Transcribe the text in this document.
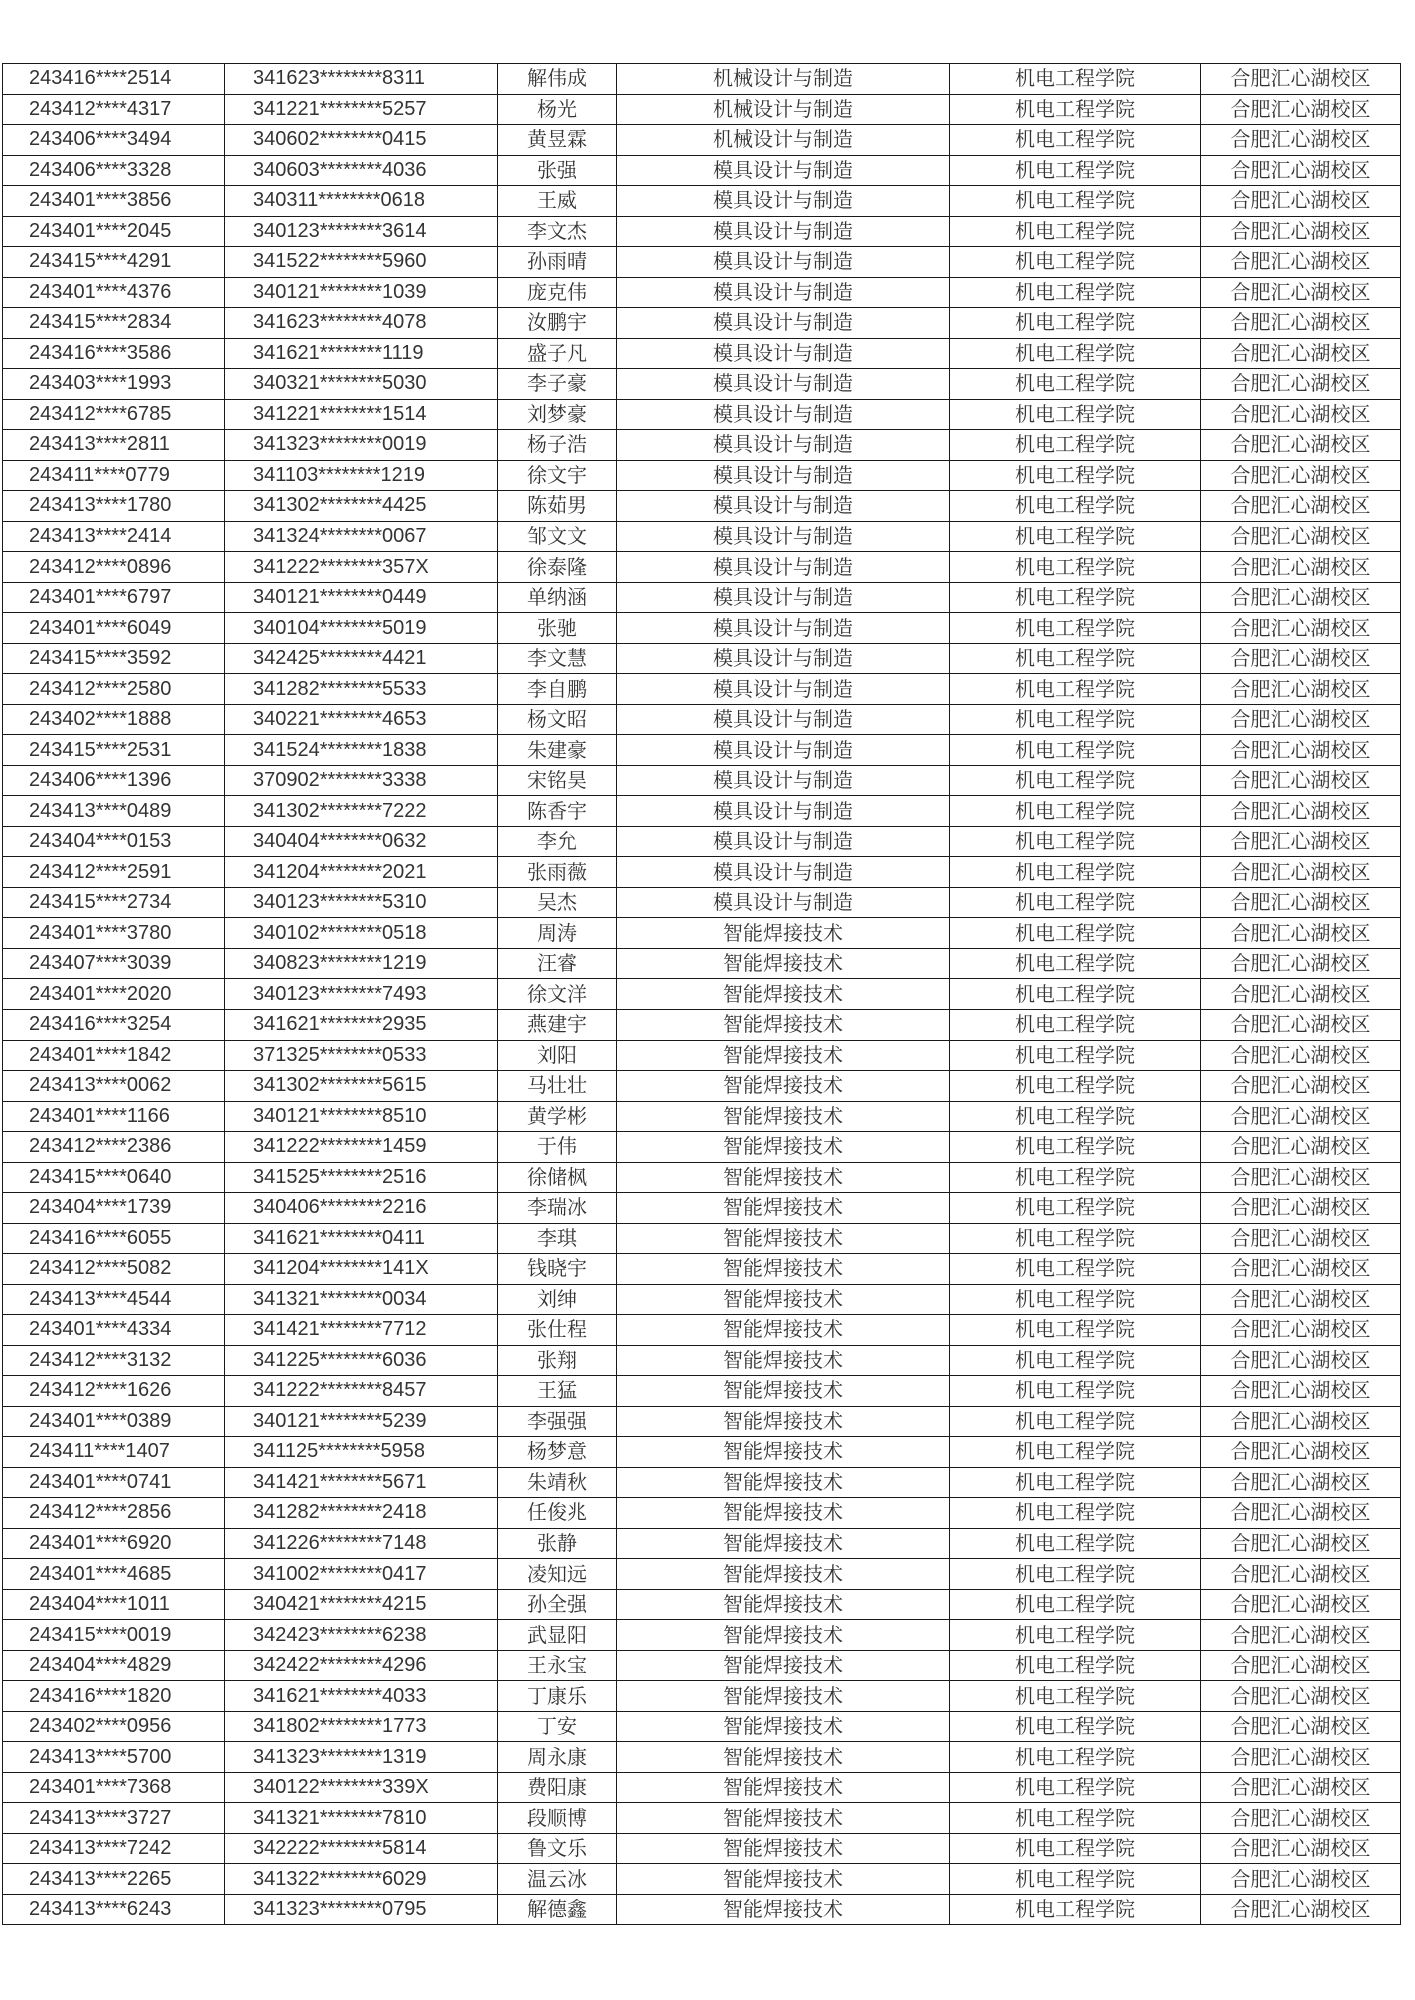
243416****2514	341623********8311	解伟成	机械设计与制造	机电工程学院	合肥汇心湖校区
243412****4317	341221********5257	杨光	机械设计与制造	机电工程学院	合肥汇心湖校区
243406****3494	340602********0415	黄昱霖	机械设计与制造	机电工程学院	合肥汇心湖校区
243406****3328	340603********4036	张强	模具设计与制造	机电工程学院	合肥汇心湖校区
243401****3856	340311********0618	王威	模具设计与制造	机电工程学院	合肥汇心湖校区
243401****2045	340123********3614	李文杰	模具设计与制造	机电工程学院	合肥汇心湖校区
243415****4291	341522********5960	孙雨晴	模具设计与制造	机电工程学院	合肥汇心湖校区
243401****4376	340121********1039	庞克伟	模具设计与制造	机电工程学院	合肥汇心湖校区
243415****2834	341623********4078	汝鹏宇	模具设计与制造	机电工程学院	合肥汇心湖校区
243416****3586	341621********1119	盛子凡	模具设计与制造	机电工程学院	合肥汇心湖校区
243403****1993	340321********5030	李子豪	模具设计与制造	机电工程学院	合肥汇心湖校区
243412****6785	341221********1514	刘梦豪	模具设计与制造	机电工程学院	合肥汇心湖校区
243413****2811	341323********0019	杨子浩	模具设计与制造	机电工程学院	合肥汇心湖校区
243411****0779	341103********1219	徐文宇	模具设计与制造	机电工程学院	合肥汇心湖校区
243413****1780	341302********4425	陈茹男	模具设计与制造	机电工程学院	合肥汇心湖校区
243413****2414	341324********0067	邹文文	模具设计与制造	机电工程学院	合肥汇心湖校区
243412****0896	341222********357X	徐泰隆	模具设计与制造	机电工程学院	合肥汇心湖校区
243401****6797	340121********0449	单纳涵	模具设计与制造	机电工程学院	合肥汇心湖校区
243401****6049	340104********5019	张驰	模具设计与制造	机电工程学院	合肥汇心湖校区
243415****3592	342425********4421	李文慧	模具设计与制造	机电工程学院	合肥汇心湖校区
243412****2580	341282********5533	李自鹏	模具设计与制造	机电工程学院	合肥汇心湖校区
243402****1888	340221********4653	杨文昭	模具设计与制造	机电工程学院	合肥汇心湖校区
243415****2531	341524********1838	朱建豪	模具设计与制造	机电工程学院	合肥汇心湖校区
243406****1396	370902********3338	宋铭昊	模具设计与制造	机电工程学院	合肥汇心湖校区
243413****0489	341302********7222	陈香宇	模具设计与制造	机电工程学院	合肥汇心湖校区
243404****0153	340404********0632	李允	模具设计与制造	机电工程学院	合肥汇心湖校区
243412****2591	341204********2021	张雨薇	模具设计与制造	机电工程学院	合肥汇心湖校区
243415****2734	340123********5310	吴杰	模具设计与制造	机电工程学院	合肥汇心湖校区
243401****3780	340102********0518	周涛	智能焊接技术	机电工程学院	合肥汇心湖校区
243407****3039	340823********1219	汪睿	智能焊接技术	机电工程学院	合肥汇心湖校区
243401****2020	340123********7493	徐文洋	智能焊接技术	机电工程学院	合肥汇心湖校区
243416****3254	341621********2935	燕建宇	智能焊接技术	机电工程学院	合肥汇心湖校区
243401****1842	371325********0533	刘阳	智能焊接技术	机电工程学院	合肥汇心湖校区
243413****0062	341302********5615	马壮壮	智能焊接技术	机电工程学院	合肥汇心湖校区
243401****1166	340121********8510	黄学彬	智能焊接技术	机电工程学院	合肥汇心湖校区
243412****2386	341222********1459	于伟	智能焊接技术	机电工程学院	合肥汇心湖校区
243415****0640	341525********2516	徐储枫	智能焊接技术	机电工程学院	合肥汇心湖校区
243404****1739	340406********2216	李瑞冰	智能焊接技术	机电工程学院	合肥汇心湖校区
243416****6055	341621********0411	李琪	智能焊接技术	机电工程学院	合肥汇心湖校区
243412****5082	341204********141X	钱晓宇	智能焊接技术	机电工程学院	合肥汇心湖校区
243413****4544	341321********0034	刘绅	智能焊接技术	机电工程学院	合肥汇心湖校区
243401****4334	341421********7712	张仕程	智能焊接技术	机电工程学院	合肥汇心湖校区
243412****3132	341225********6036	张翔	智能焊接技术	机电工程学院	合肥汇心湖校区
243412****1626	341222********8457	王猛	智能焊接技术	机电工程学院	合肥汇心湖校区
243401****0389	340121********5239	李强强	智能焊接技术	机电工程学院	合肥汇心湖校区
243411****1407	341125********5958	杨梦意	智能焊接技术	机电工程学院	合肥汇心湖校区
243401****0741	341421********5671	朱靖秋	智能焊接技术	机电工程学院	合肥汇心湖校区
243412****2856	341282********2418	任俊兆	智能焊接技术	机电工程学院	合肥汇心湖校区
243401****6920	341226********7148	张静	智能焊接技术	机电工程学院	合肥汇心湖校区
243401****4685	341002********0417	凌知远	智能焊接技术	机电工程学院	合肥汇心湖校区
243404****1011	340421********4215	孙全强	智能焊接技术	机电工程学院	合肥汇心湖校区
243415****0019	342423********6238	武显阳	智能焊接技术	机电工程学院	合肥汇心湖校区
243404****4829	342422********4296	王永宝	智能焊接技术	机电工程学院	合肥汇心湖校区
243416****1820	341621********4033	丁康乐	智能焊接技术	机电工程学院	合肥汇心湖校区
243402****0956	341802********1773	丁安	智能焊接技术	机电工程学院	合肥汇心湖校区
243413****5700	341323********1319	周永康	智能焊接技术	机电工程学院	合肥汇心湖校区
243401****7368	340122********339X	费阳康	智能焊接技术	机电工程学院	合肥汇心湖校区
243413****3727	341321********7810	段顺博	智能焊接技术	机电工程学院	合肥汇心湖校区
243413****7242	342222********5814	鲁文乐	智能焊接技术	机电工程学院	合肥汇心湖校区
243413****2265	341322********6029	温云冰	智能焊接技术	机电工程学院	合肥汇心湖校区
243413****6243	341323********0795	解德鑫	智能焊接技术	机电工程学院	合肥汇心湖校区
